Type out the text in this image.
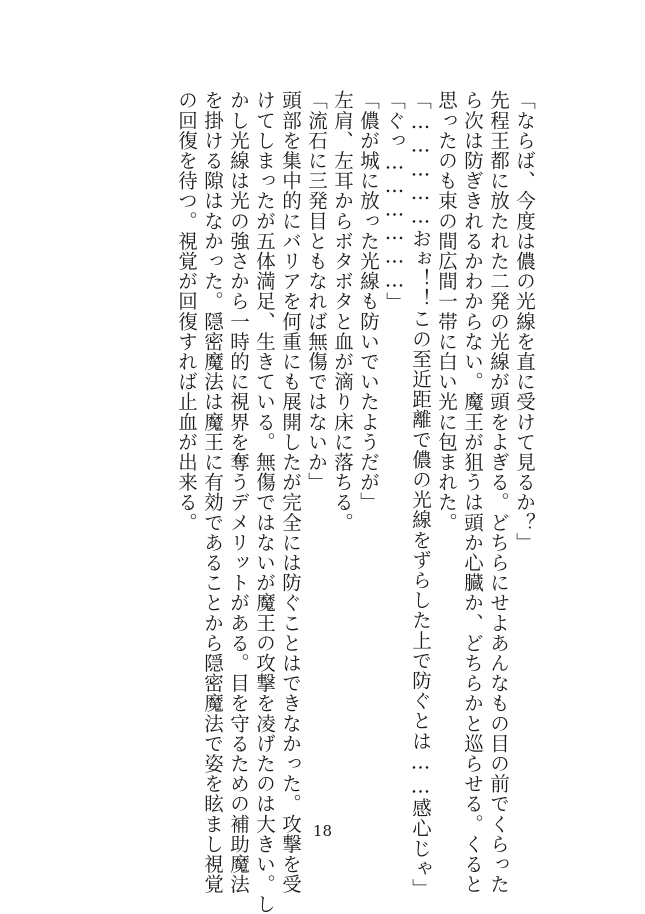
「ならば、今度は儂の光線を直に受けて見るか？」
先程王都に放たれた二発の光線が頭をよぎる。どちらにせよあんなもの目の前でくらった
ら次は防ぎきれるかわからない。魔王が狙うは頭か心臓か、どちらかと巡らせる。くると
思ったのも束の間広間一帯に白い光に包まれた。
「……………おぉ！！この至近距離で儂の光線をずらした上で防ぐとは……感心じゃ」
「ぐっ………………」
「儂が城に放った光線も防いでいたようだが」
左肩、左耳からボタボタと血が滴り床に落ちる。
「流石に三発目ともなれば無傷ではないか」
頭部を集中的にバリアを何重にも展開したが完全には防ぐことはできなかった。攻撃を受
けてしまったが五体満足、生きている。無傷ではないが魔王の攻撃を凌げたのは大きい。し
かし光線は光の強さから一時的に視界を奪うデメリットがある。目を守るための補助魔法
を掛ける隙はなかった。隠密魔法は魔王に有効であることから隠密魔法で姿を眩まし視覚
の回復を待つ。視覚が回復すれば止血が出来る。
18
